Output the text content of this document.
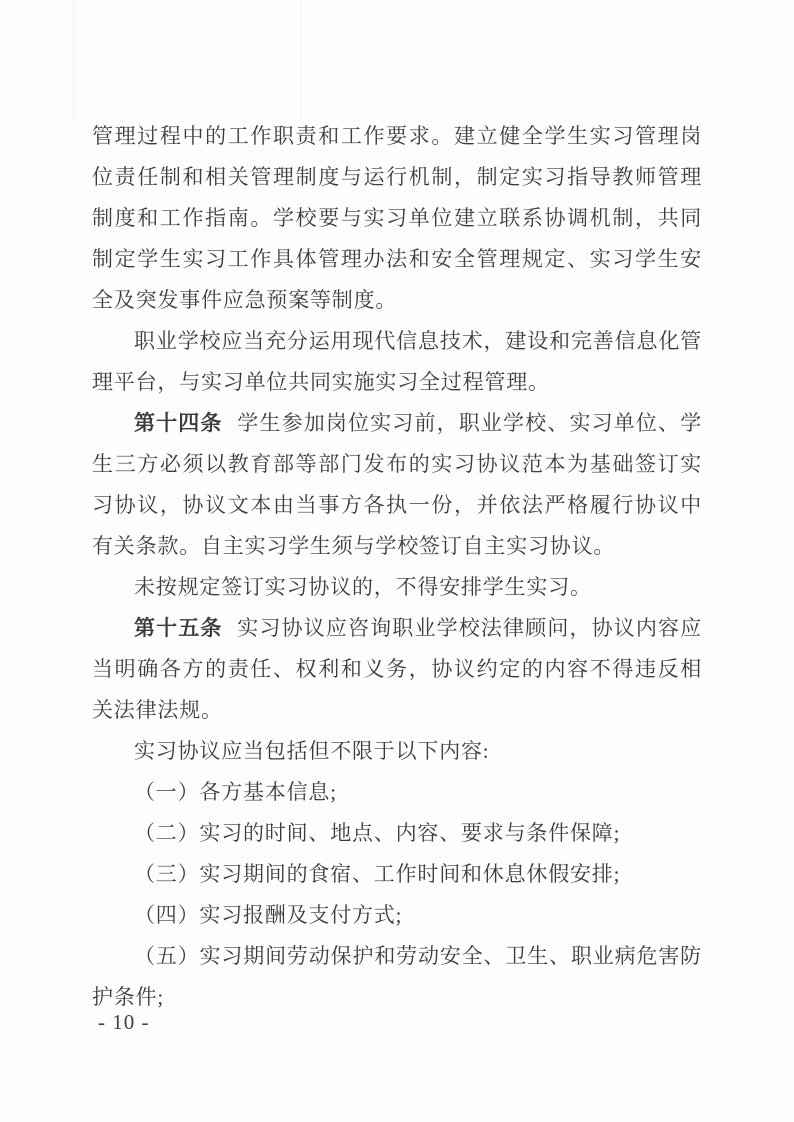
管理过程中的工作职责和工作要求。建立健全学生实习管理岗位责任制和相关管理制度与运行机制，制定实习指导教师管理制度和工作指南。学校要与实习单位建立联系协调机制，共同制定学生实习工作具体管理办法和安全管理规定、实习学生安全及突发事件应急预案等制度。

职业学校应当充分运用现代信息技术，建设和完善信息化管理平台，与实习单位共同实施实习全过程管理。

第十四条 学生参加岗位实习前，职业学校、实习单位、学生三方必须以教育部等部门发布的实习协议范本为基础签订实习协议，协议文本由当事方各执一份，并依法严格履行协议中有关条款。自主实习学生须与学校签订自主实习协议。

未按规定签订实习协议的，不得安排学生实习。

第十五条 实习协议应咨询职业学校法律顾问，协议内容应当明确各方的责任、权利和义务，协议约定的内容不得违反相关法律法规。

实习协议应当包括但不限于以下内容:

（一）各方基本信息;

（二）实习的时间、地点、内容、要求与条件保障;

（三）实习期间的食宿、工作时间和休息休假安排;

（四）实习报酬及支付方式;

（五）实习期间劳动保护和劳动安全、卫生、职业病危害防护条件;

- 10 -
